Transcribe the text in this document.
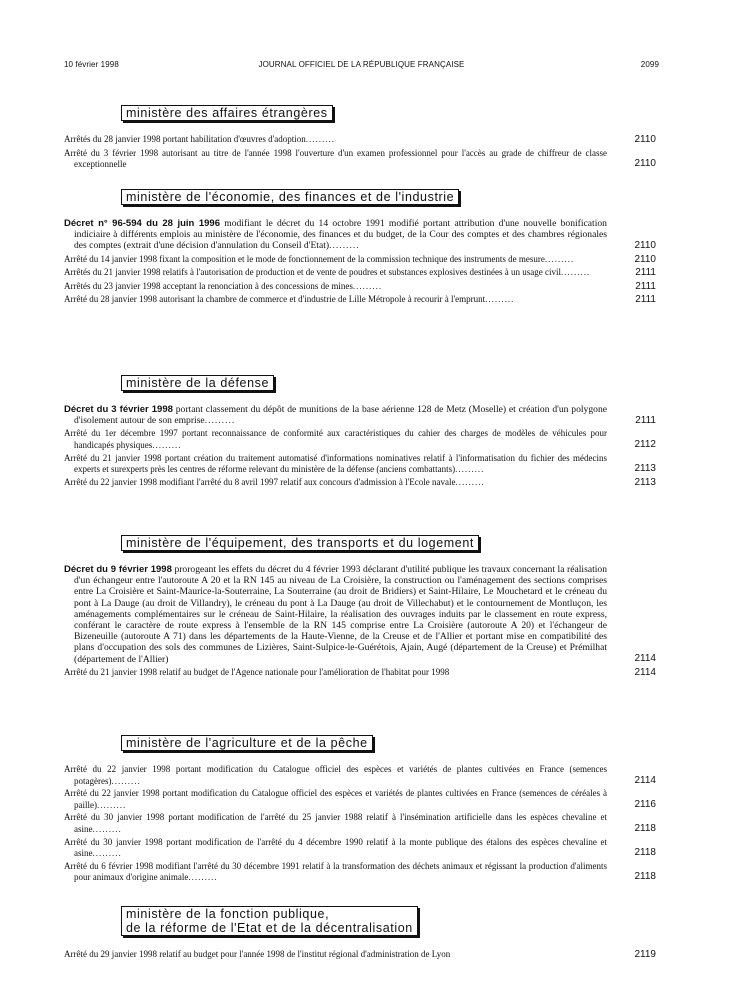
10 février 1998	JOURNAL OFFICIEL DE LA RÉPUBLIQUE FRANÇAISE	2099
ministère des affaires étrangères
Arrêtés du 28 janvier 1998 portant habilitation d'œuvres d'adoption.........	2110
Arrêté du 3 février 1998 autorisant au titre de l'année 1998 l'ouverture d'un examen professionnel pour l'accès au grade de chiffreur de classe exceptionnelle	2110
ministère de l'économie, des finances et de l'industrie
Décret n° 96-594 du 28 juin 1996 modifiant le décret du 14 octobre 1991 modifié portant attribution d'une nouvelle bonification indiciaire à différents emplois au ministère de l'économie, des finances et du budget, de la Cour des comptes et des chambres régionales des comptes (extrait d'une décision d'annulation du Conseil d'Etat).........	2110
Arrêté du 14 janvier 1998 fixant la composition et le mode de fonctionnement de la commission technique des instruments de mesure.........	2110
Arrêtés du 21 janvier 1998 relatifs à l'autorisation de production et de vente de poudres et substances explosives destinées à un usage civil.........	2111
Arrêtés du 23 janvier 1998 acceptant la renonciation à des concessions de mines.........	2111
Arrêté du 28 janvier 1998 autorisant la chambre de commerce et d'industrie de Lille Métropole à recourir à l'emprunt.........	2111
ministère de la défense
Décret du 3 février 1998 portant classement du dépôt de munitions de la base aérienne 128 de Metz (Moselle) et création d'un polygone d'isolement autour de son emprise.........	2111
Arrêté du 1er décembre 1997 portant reconnaissance de conformité aux caractéristiques du cahier des charges de modèles de véhicules pour handicapés physiques.........	2112
Arrêté du 21 janvier 1998 portant création du traitement automatisé d'informations nominatives relatif à l'informatisation du fichier des médecins experts et surexperts près les centres de réforme relevant du ministère de la défense (anciens combattants).........	2113
Arrêté du 22 janvier 1998 modifiant l'arrêté du 8 avril 1997 relatif aux concours d'admission à l'Ecole navale.........	2113
ministère de l'équipement, des transports et du logement
Décret du 9 février 1998 prorogeant les effets du décret du 4 février 1993 déclarant d'utilité publique les travaux concernant la réalisation d'un échangeur entre l'autoroute A 20 et la RN 145 au niveau de La Croisière, la construction ou l'aménagement des sections comprises entre La Croisière et Saint-Maurice-la-Souterraine, La Souterraine (au droit de Bridiers) et Saint-Hilaire, Le Mouchetard et le créneau du pont à La Dauge (au droit de Villandry), le créneau du pont à La Dauge (au droit de Villechabut) et le contournement de Montluçon, les aménagements complémentaires sur le créneau de Saint-Hilaire, la réalisation des ouvrages induits par le classement en route express, conférant le caractère de route express à l'ensemble de la RN 145 comprise entre La Croisière (autoroute A 20) et l'échangeur de Bizeneuille (autoroute A 71) dans les départements de la Haute-Vienne, de la Creuse et de l'Allier et portant mise en compatibilité des plans d'occupation des sols des communes de Lizières, Saint-Sulpice-le-Guérétois, Ajain, Augé (département de la Creuse) et Prémilhat (département de l'Allier)	2114
Arrêté du 21 janvier 1998 relatif au budget de l'Agence nationale pour l'amélioration de l'habitat pour 1998	2114
ministère de l'agriculture et de la pêche
Arrêté du 22 janvier 1998 portant modification du Catalogue officiel des espèces et variétés de plantes cultivées en France (semences potagères).........	2114
Arrêté du 22 janvier 1998 portant modification du Catalogue officiel des espèces et variétés de plantes cultivées en France (semences de céréales à paille).........	2116
Arrêté du 30 janvier 1998 portant modification de l'arrêté du 25 janvier 1988 relatif à l'insémination artificielle dans les espèces chevaline et asine.........	2118
Arrêté du 30 janvier 1998 portant modification de l'arrêté du 4 décembre 1990 relatif à la monte publique des étalons des espèces chevaline et asine.........	2118
Arrêté du 6 février 1998 modifiant l'arrêté du 30 décembre 1991 relatif à la transformation des déchets animaux et régissant la production d'aliments pour animaux d'origine animale.........	2118
ministère de la fonction publique,
de la réforme de l'Etat et de la décentralisation
Arrêté du 29 janvier 1998 relatif au budget pour l'année 1998 de l'institut régional d'administration de Lyon	2119
